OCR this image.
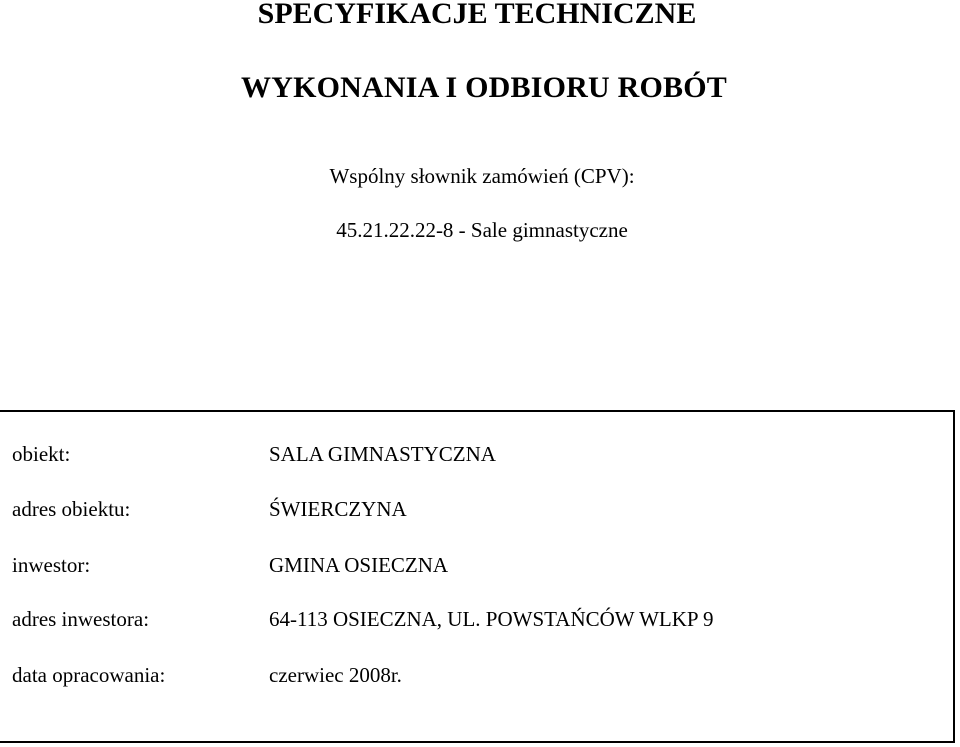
SPECYFIKACJE TECHNICZNE
WYKONANIA I ODBIORU ROBÓT

Wspólny słownik zamówień (CPV):

45.21.22.22-8 - Sale gimnastyczne

obiekt:	SALA GIMNASTYCZNA
adres obiektu:	ŚWIERCZYNA
inwestor:	GMINA OSIECZNA
adres inwestora:	64-113 OSIECZNA, UL. POWSTAŃCÓW WLKP 9
data opracowania:	czerwiec 2008r.
